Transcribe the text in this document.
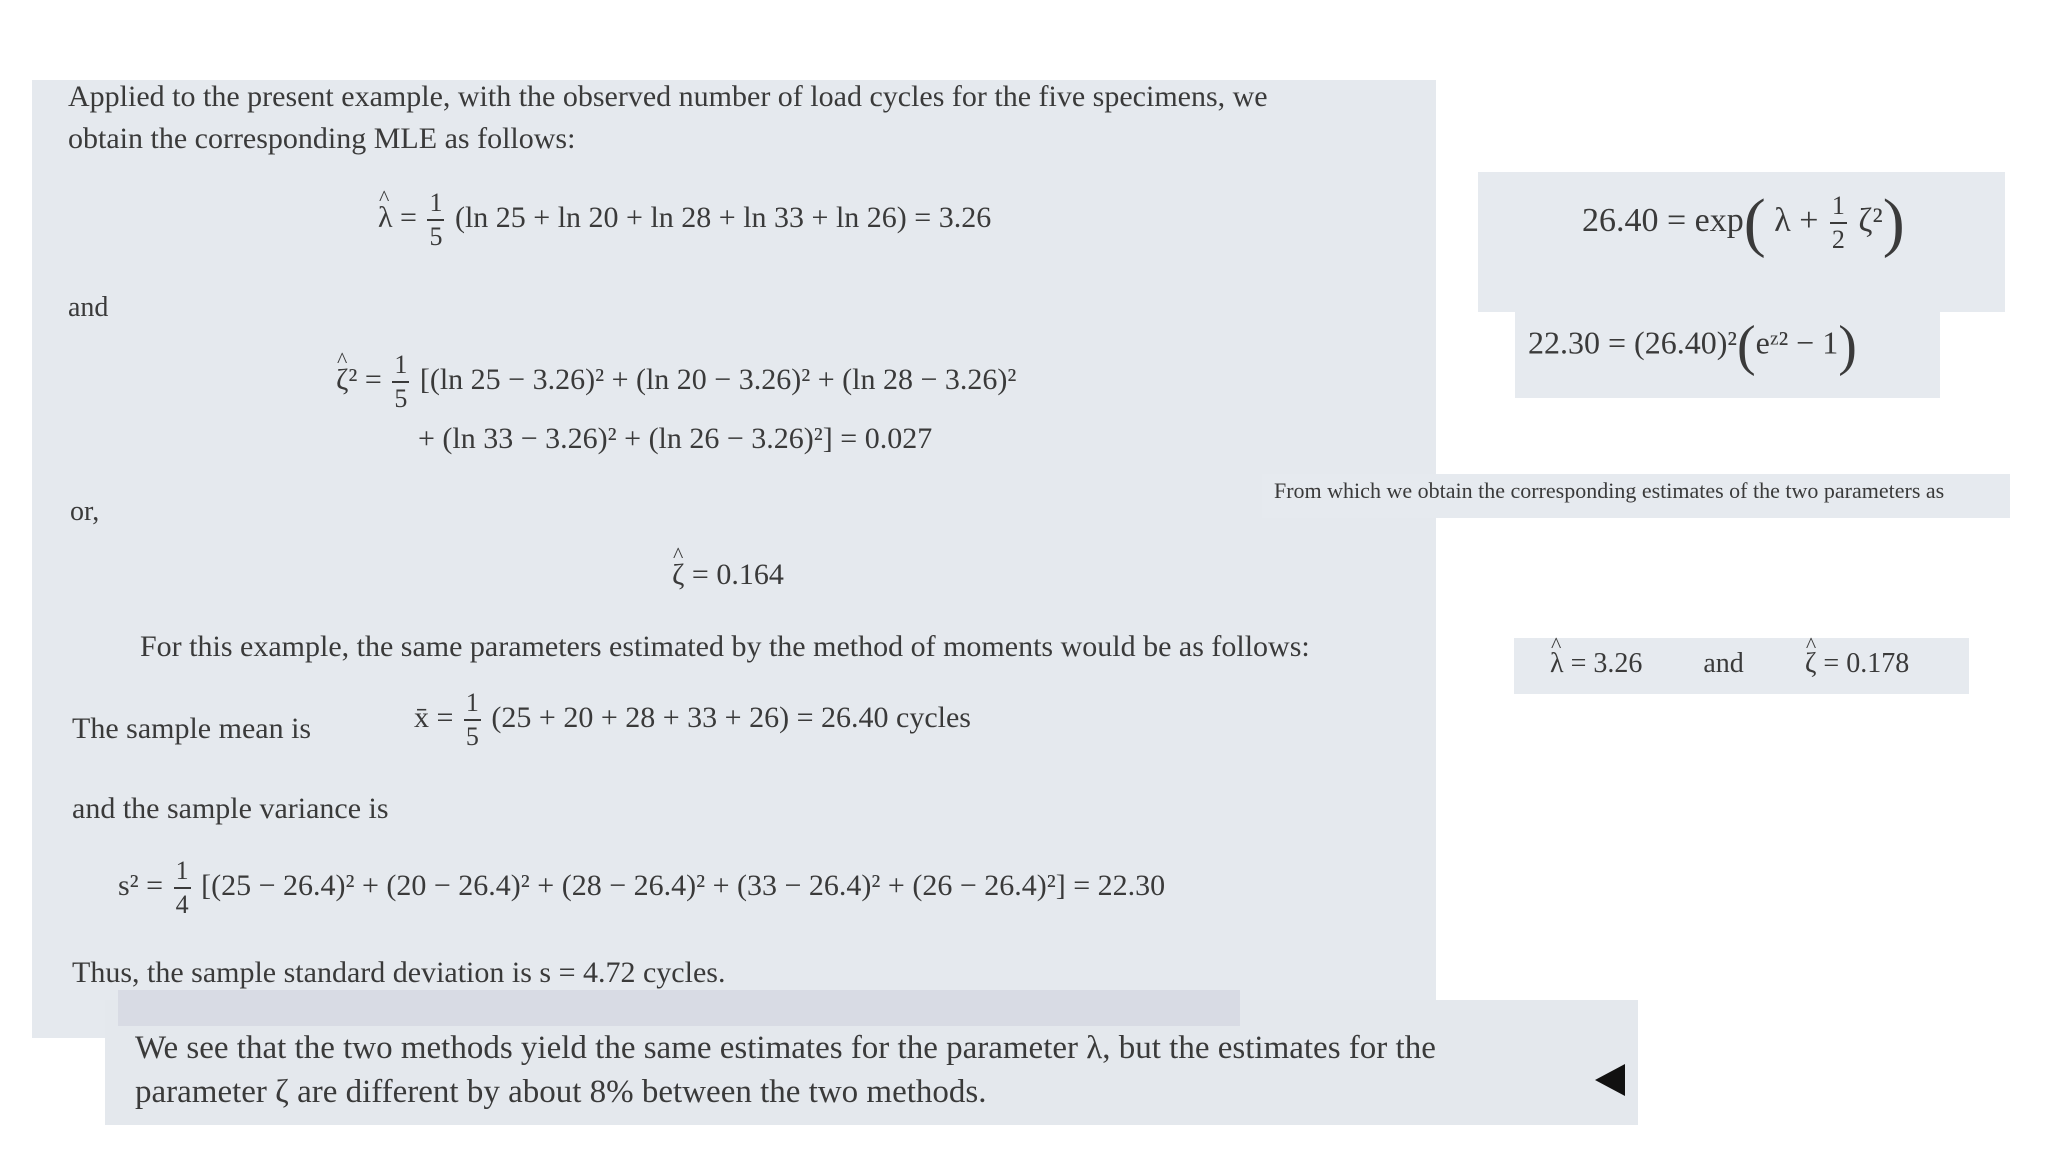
Applied to the present example, with the observed number of load cycles for the five specimens, we
obtain the corresponding MLE as follows:
λ = ^ $\frac{1}{5} (\ln$ 25 + ln 20 + ln 28 + ln 33 + ln 26) = 3.26
and
ζ² = ^ $\frac{1}{5} [(\ln$ 25 − 3.26)² + (ln 20 − 3.26)² + (ln 28 − 3.26)²
+ (ln 33 − 3.26)² + (ln 26 − 3.26)²] = 0.027
or,
ζ = 0.164 ^
For this example, the same parameters estimated by the method of moments would be as follows:
The sample mean is	x̄ = $\frac{1}{5} (25 + 20 + 28 + 33 + 26) = 26.40$ cycles
and the sample variance is
$s^2 = \frac{1}{4} [(25 - 26.4)^2 + (20 - 26.4)^2 + (28 - 26.4)^2 + (33 - 26.4)^2 + (26 - 26.4)^2] = 22.30$
Thus, the sample standard deviation is s = 4.72 cycles.
We see that the two methods yield the same estimates for the parameter λ, but the estimates for the
parameter ζ are different by about 8% between the two methods.
26.40 = exp( $\lambda + \frac{1}{2} \zeta^2$)
22.30 = (26.40)²(eᶻ² − 1)
From which we obtain the corresponding estimates of the two parameters as
λ = 3.26 ^ and ζ = 0.178 ^
